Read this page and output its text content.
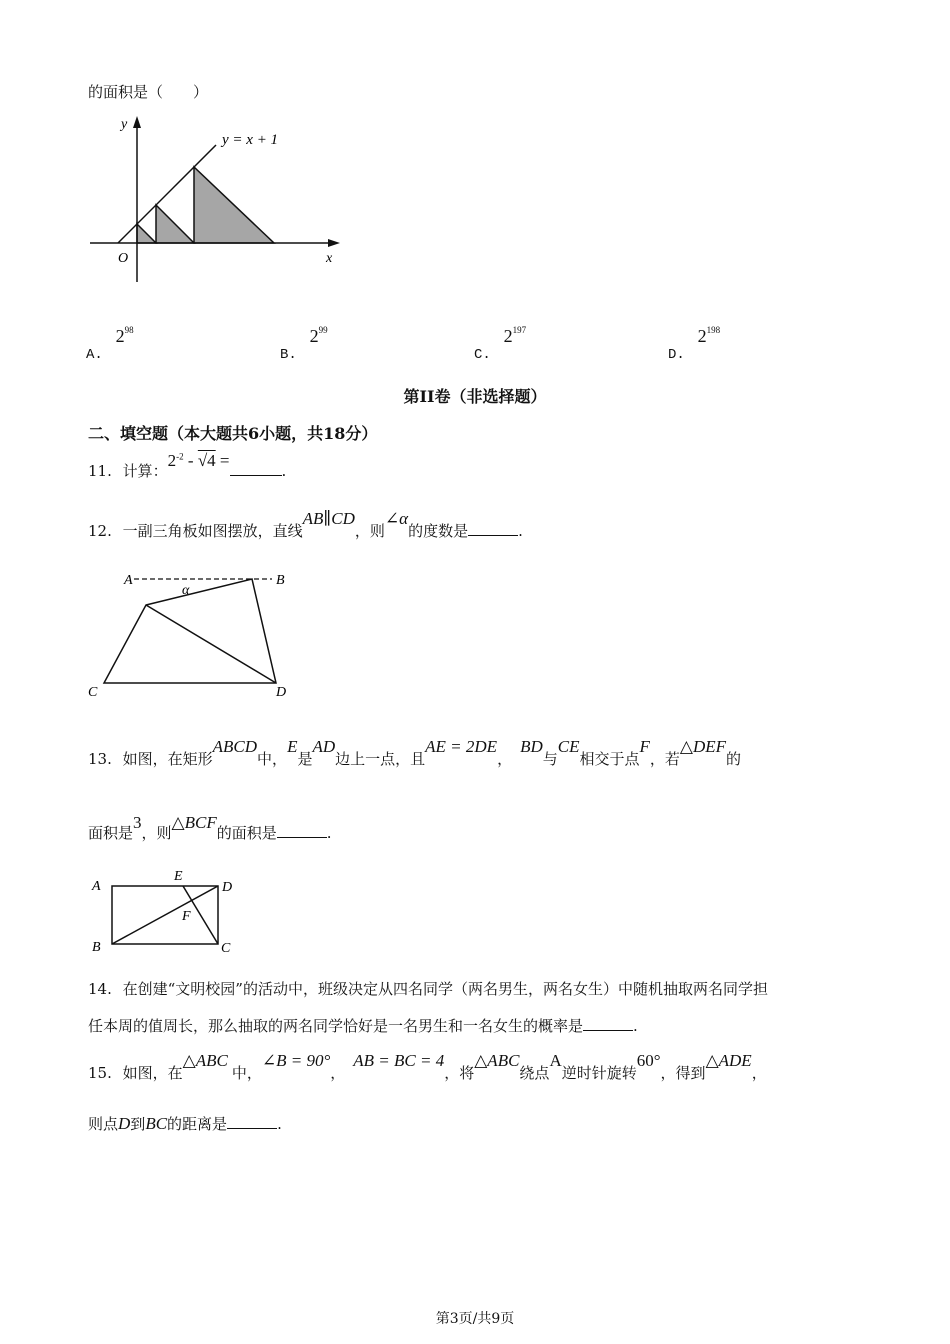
的面积是（　　）
y
x
O
y = x + 1
A. $2^{98}$
B. $2^{99}$
C. $2^{197}$
D. $2^{198}$
第II卷（非选择题）
二、填空题（本大题共6小题，共18分）
11. 计算：$2^{-2} - √4$ =.
12. 一副三角板如图摆放，直线AB∥CD，则∠α的度数是	.
A	B
C	D
α
13. 如图，在矩形ABCD中，E是AD边上一点，且AE = 2DE，BD与CE相交于点F，若△DEF的
面积是3，则△BCF的面积是	.
A
B	C
D
E
F
14. 在创建“文明校园”的活动中，班级决定从四名同学（两名男生，两名女生）中随机抽取两名同学担
任本周的值周长，那么抽取的两名同学恰好是一名男生和一名女生的概率是	.
15. 如图，在△ABC中，∠B = 90°，AB = BC = 4，将△ABC绕点A逆时针旋转60°，得到△ADE，
则点D到BC的距离是	.
第3页/共9页
